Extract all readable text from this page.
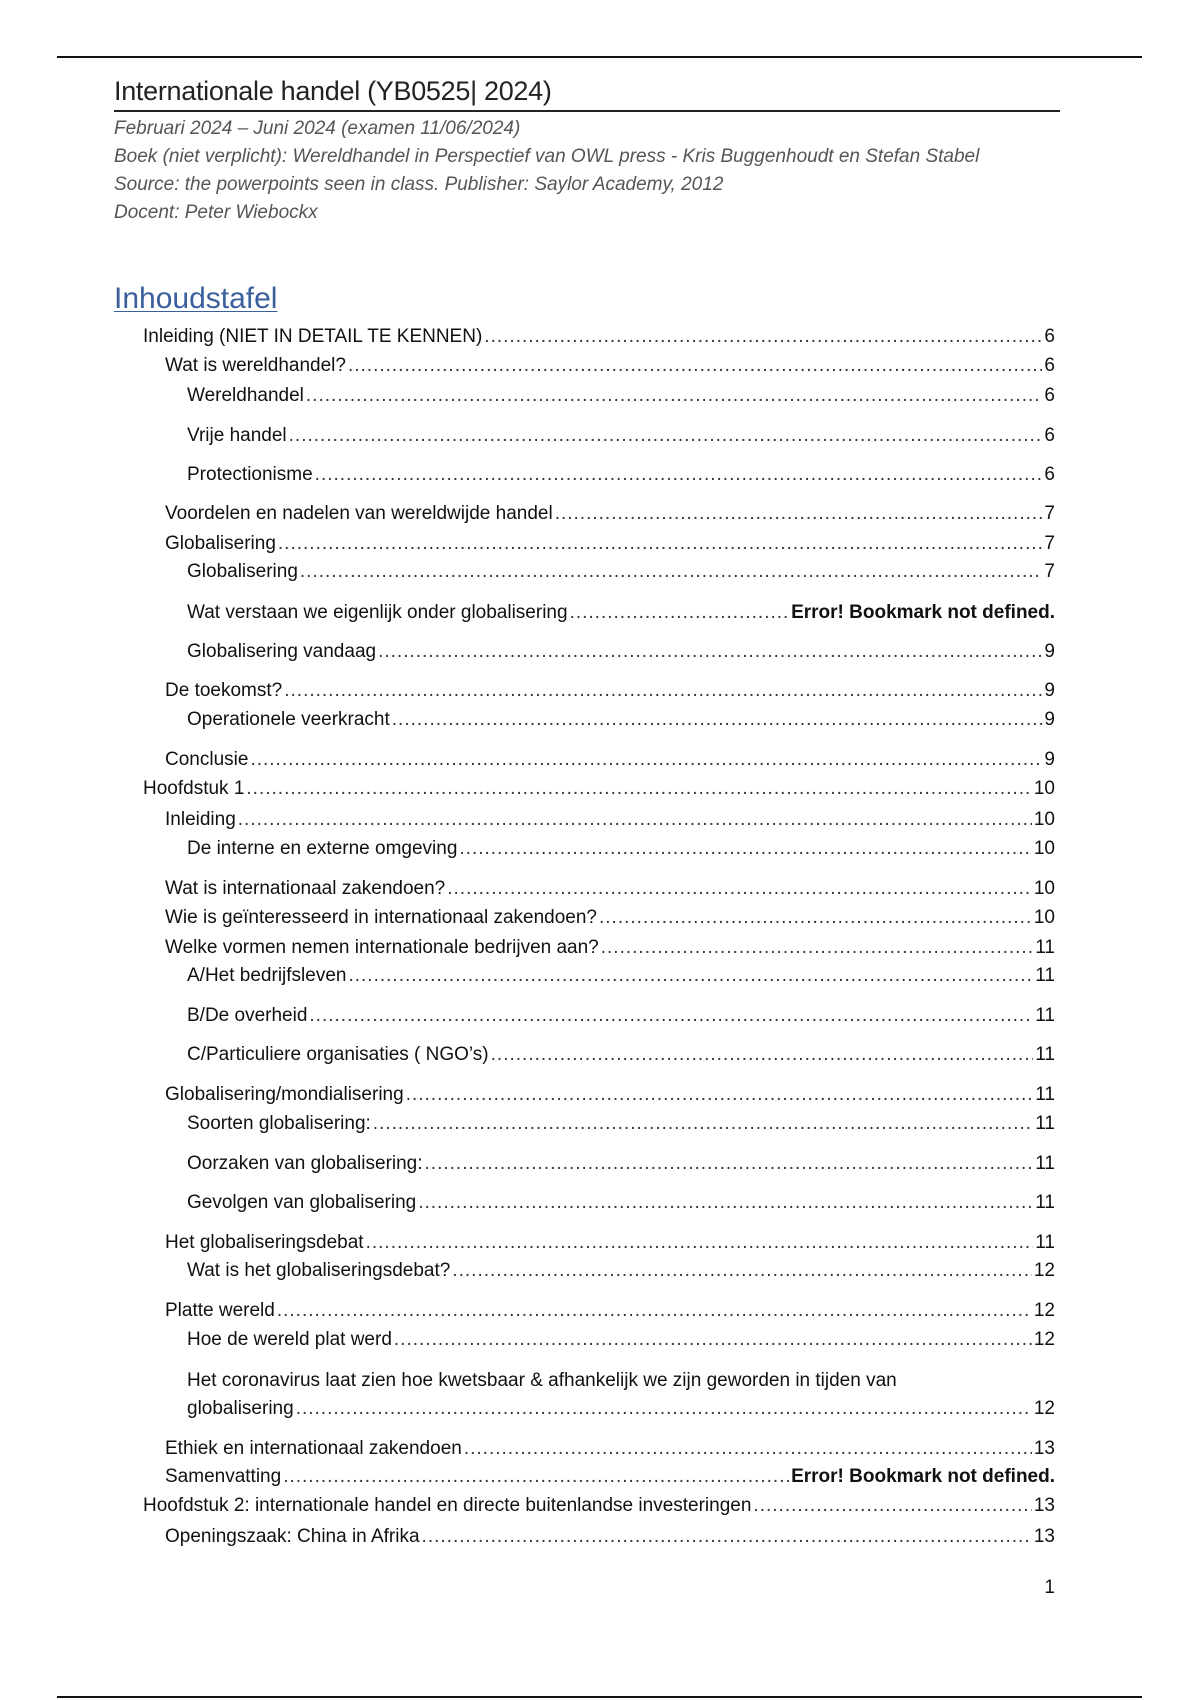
Internationale handel (YB0525| 2024)
Februari 2024 – Juni 2024 (examen 11/06/2024)
Boek (niet verplicht): Wereldhandel in Perspectief van OWL press - Kris Buggenhoudt en Stefan Stabel
Source: the powerpoints seen in class. Publisher: Saylor Academy, 2012
Docent: Peter Wiebockx
Inhoudstafel
Inleiding (NIET IN DETAIL TE KENNEN) .....	6
Wat is wereldhandel? .....	6
Wereldhandel .....	6
Vrije handel .....	6
Protectionisme .....	6
Voordelen en nadelen van wereldwijde handel .....	7
Globalisering .....	7
Globalisering .....	7
Wat verstaan we eigenlijk onder globalisering .....	Error! Bookmark not defined.
Globalisering vandaag .....	9
De toekomst? .....	9
Operationele veerkracht .....	9
Conclusie .....	9
Hoofdstuk 1 .....	10
Inleiding .....	10
De interne en externe omgeving .....	10
Wat is internationaal zakendoen? .....	10
Wie is geïnteresseerd in internationaal zakendoen? .....	10
Welke vormen nemen internationale bedrijven aan? .....	11
A/Het bedrijfsleven .....	11
B/De overheid .....	11
C/Particuliere organisaties ( NGO’s) .....	11
Globalisering/mondialisering .....	11
Soorten globalisering: .....	11
Oorzaken van globalisering: .....	11
Gevolgen van globalisering .....	11
Het globaliseringsdebat .....	11
Wat is het globaliseringsdebat? .....	12
Platte wereld .....	12
Hoe de wereld plat werd .....	12
Het coronavirus laat zien hoe kwetsbaar & afhankelijk we zijn geworden in tijden van
globalisering .....	12
Ethiek en internationaal zakendoen .....	13
Samenvatting .....	Error! Bookmark not defined.
Hoofdstuk 2: internationale handel en directe buitenlandse investeringen .....	13
Openingszaak: China in Afrika .....	13
1
